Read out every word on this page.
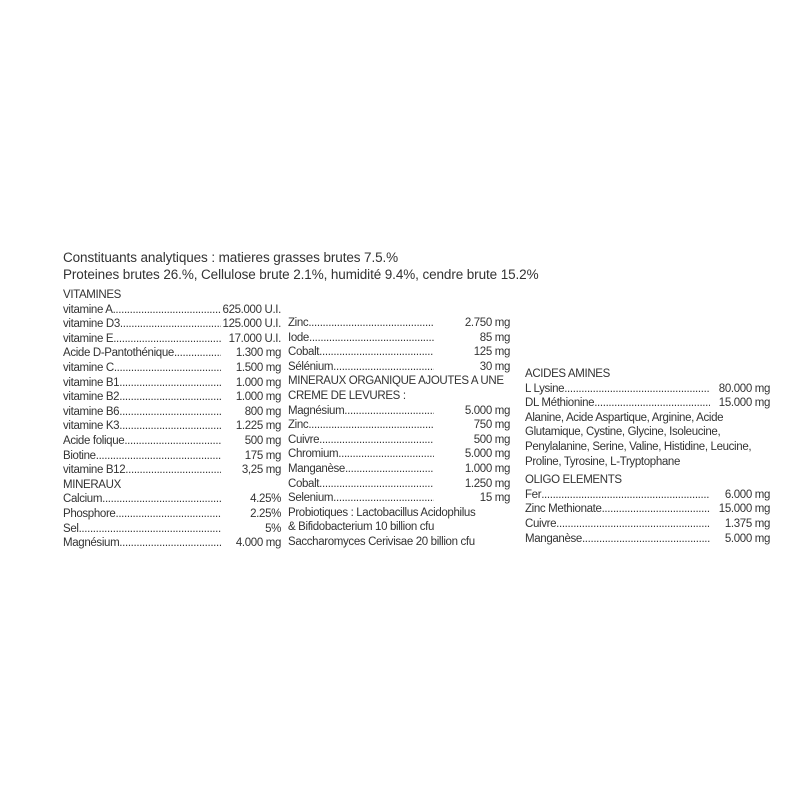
Constituants analytiques : matieres grasses brutes 7.5.%
Proteines brutes 26.%, Cellulose brute 2.1%, humidité 9.4%, cendre brute 15.2%
VITAMINES
vitamine A .....	625.000 U.I.
vitamine D3 .....	125.000 U.I.
vitamine E .....	17.000 U.I.
Acide D-Pantothénique .....	1.300 mg
vitamine C .....	1.500 mg
vitamine B1 .....	1.000 mg
vitamine B2 .....	1.000 mg
vitamine B6 .....	800 mg
vitamine K3 .....	1.225 mg
Acide folique .....	500 mg
Biotine .....	175 mg
vitamine B12 .....	3,25 mg
MINERAUX
Calcium .....	4.25%
Phosphore .....	2.25%
Sel .....	5%
Magnésium .....	4.000 mg
Zinc .....	2.750 mg
Iode .....	85 mg
Cobalt .....	125 mg
Sélénium .....	30 mg
MINERAUX ORGANIQUE AJOUTES A UNE
CREME DE LEVURES :
Magnésium .....	5.000 mg
Zinc .....	750 mg
Cuivre .....	500 mg
Chromium .....	5.000 mg
Manganèse .....	1.000 mg
Cobalt .....	1.250 mg
Selenium .....	15 mg
Probiotiques : Lactobacillus Acidophilus
& Bifidobacterium 10 billion cfu
Saccharomyces Cerivisae 20 billion cfu
ACIDES AMINES
L Lysine .....	80.000 mg
DL Méthionine .....	15.000 mg
Alanine, Acide Aspartique, Arginine, Acide Glutamique, Cystine, Glycine, Isoleucine, Penylalanine, Serine, Valine, Histidine, Leucine, Proline, Tyrosine, L-Tryptophane
OLIGO ELEMENTS
Fer .....	6.000 mg
Zinc Methionate .....	15.000 mg
Cuivre .....	1.375 mg
Manganèse .....	5.000 mg
